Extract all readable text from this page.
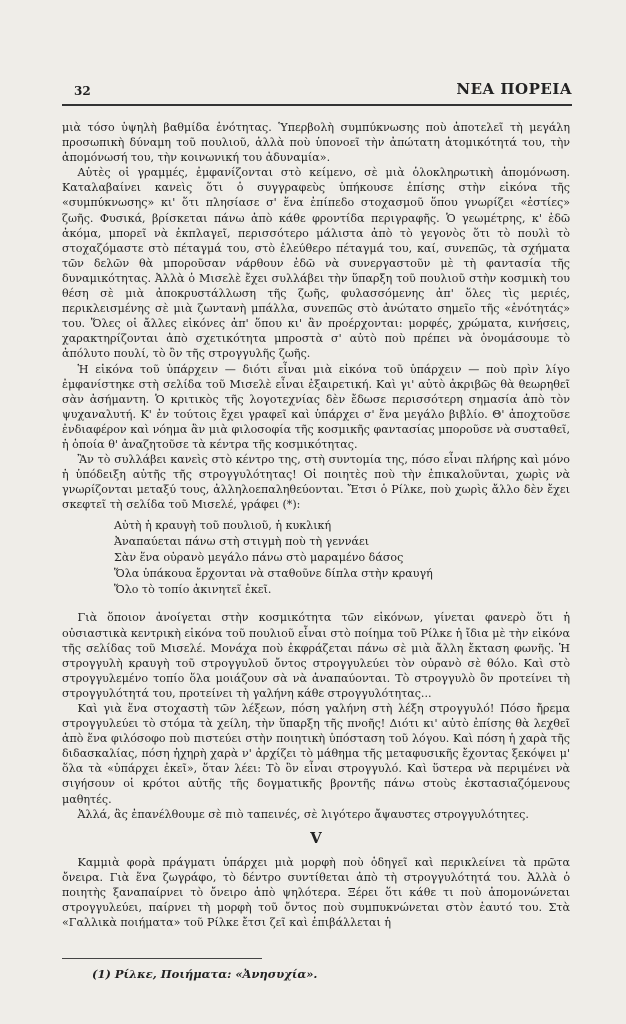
32	ΝΕΑ ΠΟΡΕΙΑ

μιὰ τόσο ὑψηλὴ βαθμίδα ἑνότητας. Ὑπερβολὴ συμπύκνωσης ποὺ ἀποτελεῖ τὴ μεγάλη προσωπικὴ δύναμη τοῦ πουλιοῦ, ἀλλὰ ποὺ ὑπονοεῖ τὴν ἀπώτατη ἀτομικότητά του, τὴν ἀπομόνωσή του, τὴν κοινωνική του ἀδυναμία».

Αὐτὲς οἱ γραμμές, ἐμφανίζονται στὸ κείμενο, σὲ μιὰ ὁλοκληρωτικὴ ἀπομόνωση. Καταλαβαίνει κανεὶς ὅτι ὁ συγγραφεὺς ὑπήκουσε ἐπίσης στὴν εἰκόνα τῆς «συμπύκνωσης» κι' ὅτι πλησίασε σ' ἕνα ἐπίπεδο στοχασμοῦ ὅπου γνωρίζει «ἐστίες» ζωῆς. Φυσικά, βρίσκεται πάνω ἀπὸ κάθε φροντίδα περιγραφῆς. Ὁ γεωμέτρης, κ' ἐδῶ ἀκόμα, μπορεῖ νὰ ἐκπλαγεῖ, περισσότερο μάλιστα ἀπὸ τὸ γεγονὸς ὅτι τὸ πουλὶ τὸ στοχαζόμαστε στὸ πέταγμά του, στὸ ἐλεύθερο πέταγμά του, καί, συνεπῶς, τὰ σχήματα τῶν δελῶν θὰ μποροῦσαν νάρθουν ἐδῶ νὰ συνεργαστοῦν μὲ τὴ φαντασία τῆς δυναμικότητας. Ἀλλὰ ὁ Μισελὲ ἔχει συλλάβει τὴν ὕπαρξη τοῦ πουλιοῦ στὴν κοσμικὴ του θέση σὲ μιὰ ἀποκρυστάλλωση τῆς ζωῆς, φυλασσόμενης ἀπ' ὅλες τὶς μεριές, περικλεισμένης σὲ μιὰ ζωντανὴ μπάλλα, συνεπῶς στὸ ἀνώτατο σημεῖο τῆς «ἑνότητάς» του. Ὅλες οἱ ἄλλες εἰκόνες ἀπ' ὅπου κι' ἂν προέρχονται: μορφές, χρώματα, κινήσεις, χαρακτηρίζονται ἀπὸ σχετικότητα μπροστὰ σ' αὐτὸ ποὺ πρέπει νὰ ὀνομάσουμε τὸ ἀπόλυτο πουλί, τὸ ὂν τῆς στρογγυλῆς ζωῆς.

Ἡ εἰκόνα τοῦ ὑπάρχειν — διότι εἶναι μιὰ εἰκόνα τοῦ ὑπάρχειν — ποὺ πρὶν λίγο ἐμφανίστηκε στὴ σελίδα τοῦ Μισελὲ εἶναι ἐξαιρετική. Καὶ γι' αὐτὸ ἀκριβῶς θὰ θεωρηθεῖ σὰν ἀσήμαντη. Ὁ κριτικὸς τῆς λογοτεχνίας δὲν ἔδωσε περισσότερη σημασία ἀπὸ τὸν ψυχαναλυτή. Κ' ἐν τούτοις ἔχει γραφεῖ καὶ ὑπάρχει σ' ἕνα μεγάλο βιβλίο. Θ' ἀποχτοῦσε ἐνδιαφέρον καὶ νόημα ἂν μιὰ φιλοσοφία τῆς κοσμικῆς φαντασίας μποροῦσε νὰ συσταθεῖ, ἡ ὁποία θ' ἀναζητοῦσε τὰ κέντρα τῆς κοσμικότητας.

Ἂν τὸ συλλάβει κανεὶς στὸ κέντρο της, στὴ συντομία της, πόσο εἶναι πλήρης καὶ μόνο ἡ ὑπόδειξη αὐτῆς τῆς στρογγυλότητας! Οἱ ποιητὲς ποὺ τὴν ἐπικαλοῦνται, χωρὶς νὰ γνωρίζονται μεταξύ τους, ἀλληλοεπαληθεύονται. Ἔτσι ὁ Ρίλκε, ποὺ χωρὶς ἄλλο δὲν ἔχει σκεφτεῖ τὴ σελίδα τοῦ Μισελέ, γράφει (*):

Αὐτὴ ἡ κραυγὴ τοῦ πουλιοῦ, ἡ κυκλική
Ἀναπαύεται πάνω στὴ στιγμὴ ποὺ τὴ γεννάει
Σὰν ἕνα οὐρανὸ μεγάλο πάνω στὸ μαραμένο δάσος
Ὅλα ὑπάκουα ἔρχονται νὰ σταθοῦνε δίπλα στὴν κραυγή
Ὅλο τὸ τοπίο ἀκινητεῖ ἐκεῖ.

Γιὰ ὅποιον ἀνοίγεται στὴν κοσμικότητα τῶν εἰκόνων, γίνεται φανερὸ ὅτι ἡ οὐσιαστικὰ κεντρικὴ εἰκόνα τοῦ πουλιοῦ εἶναι στὸ ποίημα τοῦ Ρίλκε ἡ ἴδια μὲ τὴν εἰκόνα τῆς σελίδας τοῦ Μισελέ. Μονάχα ποὺ ἐκφράζεται πάνω σὲ μιὰ ἄλλη ἔκταση φωνῆς. Ἡ στρογγυλὴ κραυγὴ τοῦ στρογγυλοῦ ὄντος στρογγυλεύει τὸν οὐρανὸ σὲ θόλο. Καὶ στὸ στρογγυλεμένο τοπίο ὅλα μοιάζουν σὰ νὰ ἀναπαύονται. Τὸ στρογγυλὸ ὂν προτείνει τὴ στρογγυλότητά του, προτείνει τὴ γαλήνη κάθε στρογγυλότητας...

Καὶ γιὰ ἕνα στοχαστὴ τῶν λέξεων, πόση γαλήνη στὴ λέξη στρογγυλό! Πόσο ἤρεμα στρογγυλεύει τὸ στόμα τὰ χείλη, τὴν ὕπαρξη τῆς πνοῆς! Διότι κι' αὐτὸ ἐπίσης θὰ λεχθεῖ ἀπὸ ἕνα φιλόσοφο ποὺ πιστεύει στὴν ποιητικὴ ὑπόσταση τοῦ λόγου. Καὶ πόση ἡ χαρὰ τῆς διδασκαλίας, πόση ἠχηρὴ χαρὰ ν' ἀρχίζει τὸ μάθημα τῆς μεταφυσικῆς ἔχοντας ξεκόψει μ' ὅλα τὰ «ὑπάρχει ἐκεῖ», ὅταν λέει: Τὸ ὂν εἶναι στρογγυλό. Καὶ ὕστερα νὰ περιμένει νὰ σιγήσουν οἱ κρότοι αὐτῆς τῆς δογματικῆς βροντῆς πάνω στοὺς ἐκστασιαζόμενους μαθητές.

Ἀλλά, ἂς ἐπανέλθουμε σὲ πιὸ ταπεινές, σὲ λιγότερο ἄψαυστες στρογγυλότητες.

V

Καμμιὰ φορὰ πράγματι ὑπάρχει μιὰ μορφὴ ποὺ ὁδηγεῖ καὶ περικλείνει τὰ πρῶτα ὄνειρα. Γιὰ ἕνα ζωγράφο, τὸ δέντρο συντίθεται ἀπὸ τὴ στρογγυλότητά του. Ἀλλὰ ὁ ποιητὴς ξαναπαίρνει τὸ ὄνειρο ἀπὸ ψηλότερα. Ξέρει ὅτι κάθε τι ποὺ ἀπομονώνεται στρογγυλεύει, παίρνει τὴ μορφὴ τοῦ ὄντος ποὺ συμπυκνώνεται στὸν ἑαυτό του. Στὰ «Γαλλικὰ ποιήματα» τοῦ Ρίλκε ἔτσι ζεῖ καὶ ἐπιβάλλεται ἡ

(1) Ρίλκε, Ποιήματα: «Ἀνησυχία».
